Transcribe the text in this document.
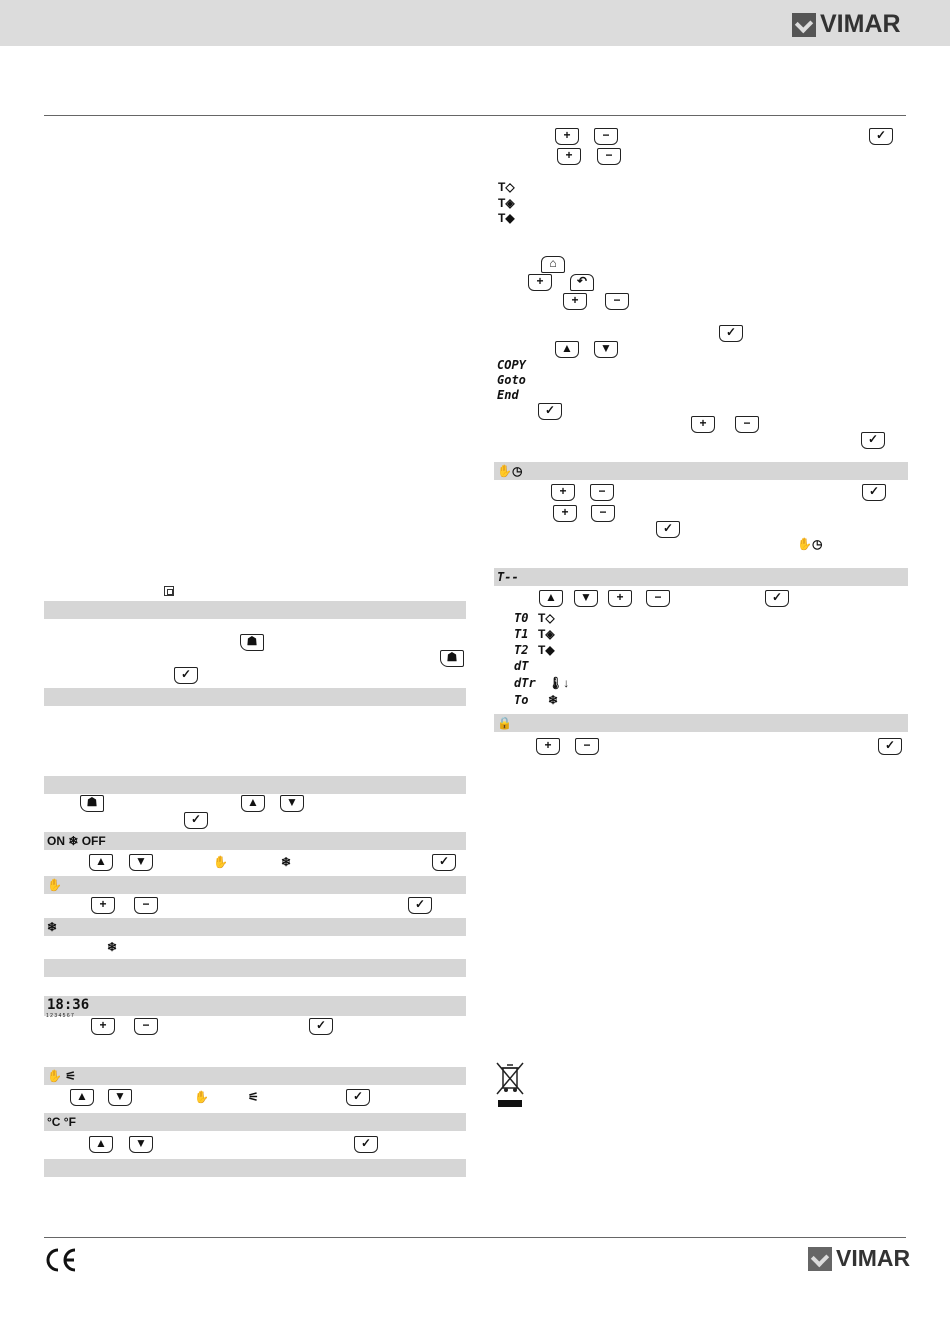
VIMAR
☗
☗
✓
☗	▲	▼
✓
ON ❄ OFF
▲	▼	✋	❄	✓
✋
+	−	✓
❄
❄
18:36
1 2 3 4 5 6 7
+	−	✓
✋ ⚟
▲	▼	✋	⚟	✓
°C °F
▲	▼	✓
+	−	✓
+	−
T◇
T◈
T◆
⌂
+	↶
+	−
✓
▲	▼
COPY
Goto
End
✓
+	−
✓
✋◷
+	−	✓
+	−
✓
✋◷
T--
▲	▼	+	−	✓
T0 T◇
T1 T◈
T2 T◆
dT
dTr 🌡↓
To ❄
🔒
+	−	✓
VIMAR
